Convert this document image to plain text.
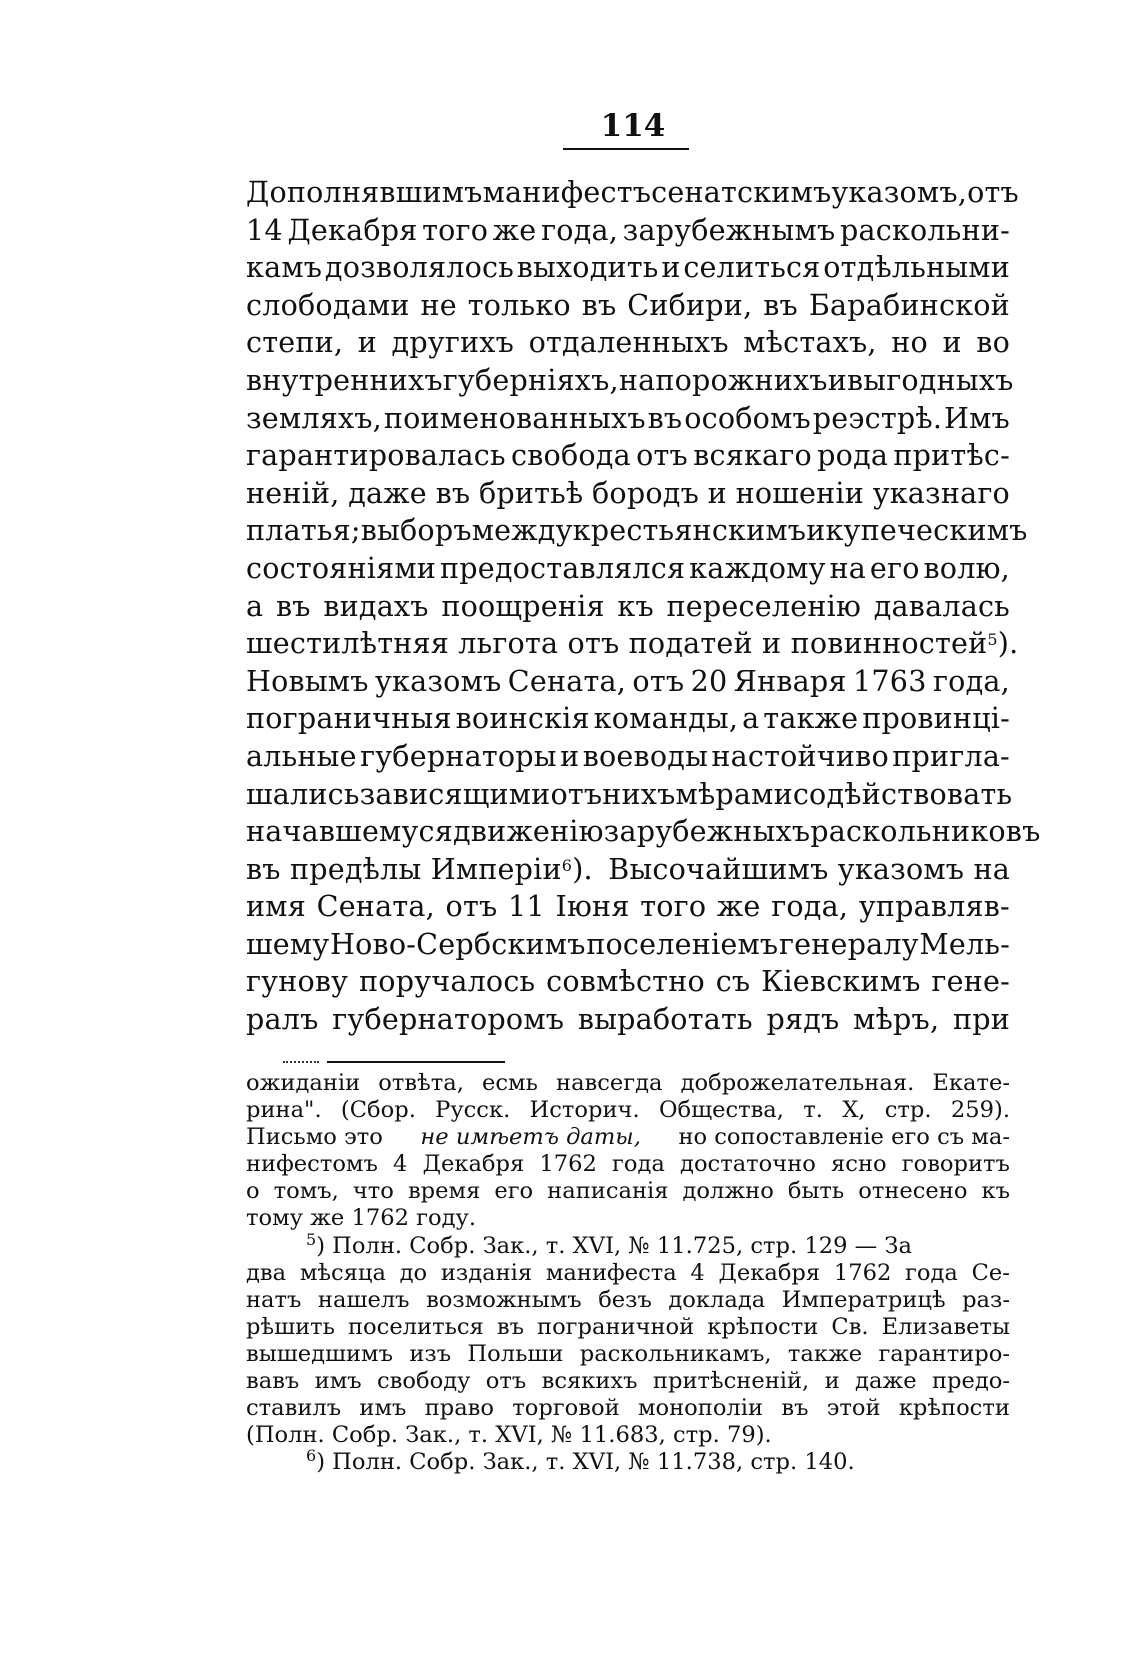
114
Дополнявшимъ манифестъ сенатскимъ указомъ, отъ
14 Декабря того же года, зарубежнымъ раскольни-
камъ дозволялось выходить и селиться отдѣльными
слободами не только въ Сибири, въ Барабинской
степи, и другихъ отдаленныхъ мѣстахъ, но и во
внутреннихъ губерніяхъ, на порожнихъ и выгодныхъ
земляхъ, поименованныхъ въ особомъ реэстрѣ. Имъ
гарантировалась свобода отъ всякаго рода притѣс-
неній, даже въ бритьѣ бородъ и ношеніи указнаго
платья; выборъ между крестьянскимъ и купеческимъ
состояніями предоставлялся каждому на его волю,
а въ видахъ поощренія къ переселенію давалась
шестилѣтняя льгота отъ податей и повинностей $^5$).
Новымъ указомъ Сената, отъ 20 Января 1763 года,
пограничныя воинскія команды, а также провинці-
альные губернаторы и воеводы настойчиво пригла-
шались зависящими отъ нихъ мѣрами содѣйствовать
начавшемуся движенію зарубежныхъ раскольниковъ
въ предѣлы Имперіи$^6$). Высочайшимъ указомъ на
имя Сената, отъ 11 Іюня того же года, управляв-
шему Ново-Сербскимъ поселеніемъ генералу Мель-
гунову поручалось совмѣстно съ Кіевскимъ гене-
ралъ губернаторомъ выработать рядъ мѣръ, при
ожиданіи отвѣта, есмь навсегда доброжелательная. Екате-
рина". (Сбор. Русск. Историч. Общества, т. X, стр. 259).
Письмо это не имѣетъ даты, но сопоставленіе его съ ма-
нифестомъ 4 Декабря 1762 года достаточно ясно говоритъ
о томъ, что время его написанія должно быть отнесено къ
тому же 1762 году.
$^5$) Полн. Собр. Зак., т. XVI, № 11.725, стр. 129 — За
два мѣсяца до изданія манифеста 4 Декабря 1762 года Се-
натъ нашелъ возможнымъ безъ доклада Императрицѣ раз-
рѣшить поселиться въ пограничной крѣпости Св. Елизаветы
вышедшимъ изъ Польши раскольникамъ, также гарантиро-
вавъ имъ свободу отъ всякихъ притѣсненій, и даже предо-
ставилъ имъ право торговой монополіи въ этой крѣпости
(Полн. Собр. Зак., т. XVI, № 11.683, стр. 79).
$^6$) Полн. Собр. Зак., т. XVI, № 11.738, стр. 140.
